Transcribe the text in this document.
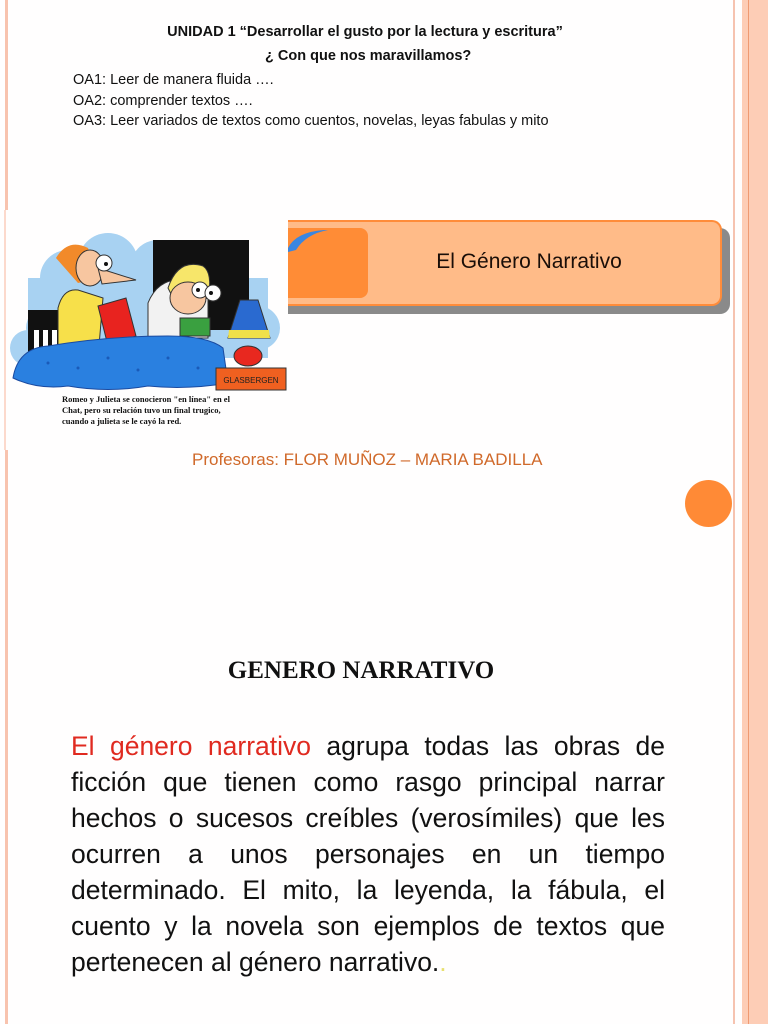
UNIDAD 1 “Desarrollar el gusto por la lectura y escritura”
¿ Con que nos maravillamos?
OA1: Leer de manera fluida ….
OA2: comprender textos ….
OA3: Leer variados de textos como cuentos, novelas, leyas fabulas y mito
GLASBERGEN
Romeo y Julieta se conocieron "en línea" en el Chat, pero su relación tuvo un final trugico, cuando a julieta se le cayó la red.
El Género Narrativo
Profesoras: FLOR MUÑOZ – MARIA BADILLA
GENERO NARRATIVO
El género narrativo agrupa todas las obras de ficción que tienen como rasgo principal narrar hechos o sucesos creíbles (verosímiles) que les ocurren a unos personajes en un tiempo determinado. El mito, la leyenda, la fábula, el cuento y la novela son ejemplos de textos que pertenecen al género narrativo..
